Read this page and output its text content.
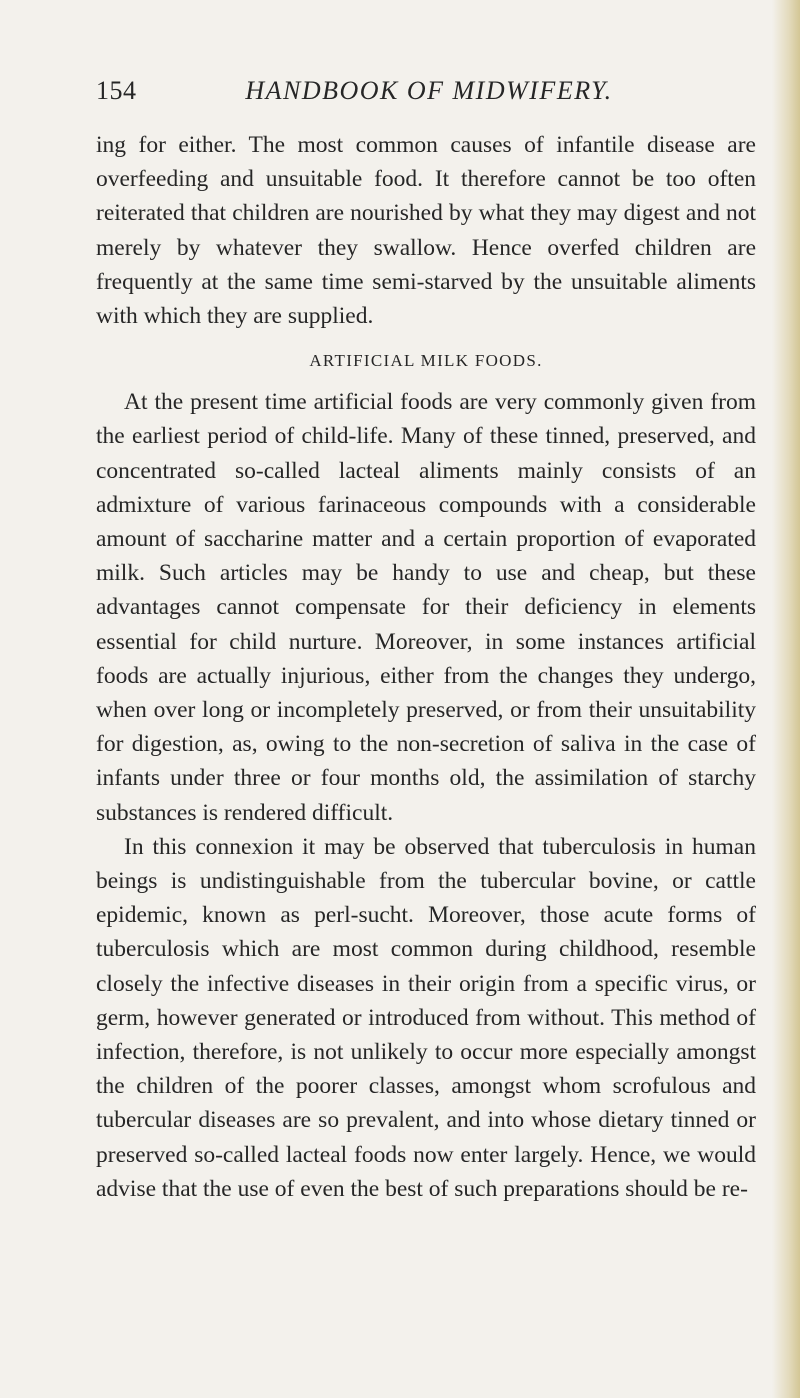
154	HANDBOOK OF MIDWIFERY.

ing for either. The most common causes of infantile disease are overfeeding and unsuitable food. It therefore cannot be too often reiterated that children are nourished by what they may digest and not merely by whatever they swallow. Hence overfed children are frequently at the same time semi-starved by the unsuitable aliments with which they are supplied.

ARTIFICIAL MILK FOODS.

At the present time artificial foods are very commonly given from the earliest period of child-life. Many of these tinned, preserved, and concentrated so-called lacteal aliments mainly consists of an admixture of various farinaceous compounds with a considerable amount of saccharine matter and a certain proportion of evaporated milk. Such articles may be handy to use and cheap, but these advantages cannot compensate for their deficiency in elements essential for child nurture. Moreover, in some instances artificial foods are actually injurious, either from the changes they undergo, when over long or incompletely preserved, or from their unsuitability for digestion, as, owing to the non-secretion of saliva in the case of infants under three or four months old, the assimilation of starchy substances is rendered difficult.

In this connexion it may be observed that tuberculosis in human beings is undistinguishable from the tubercular bovine, or cattle epidemic, known as perl-sucht. Moreover, those acute forms of tuberculosis which are most common during childhood, resemble closely the infective diseases in their origin from a specific virus, or germ, however generated or introduced from without. This method of infection, therefore, is not unlikely to occur more especially amongst the children of the poorer classes, amongst whom scrofulous and tubercular diseases are so prevalent, and into whose dietary tinned or preserved so-called lacteal foods now enter largely. Hence, we would advise that the use of even the best of such preparations should be re-
